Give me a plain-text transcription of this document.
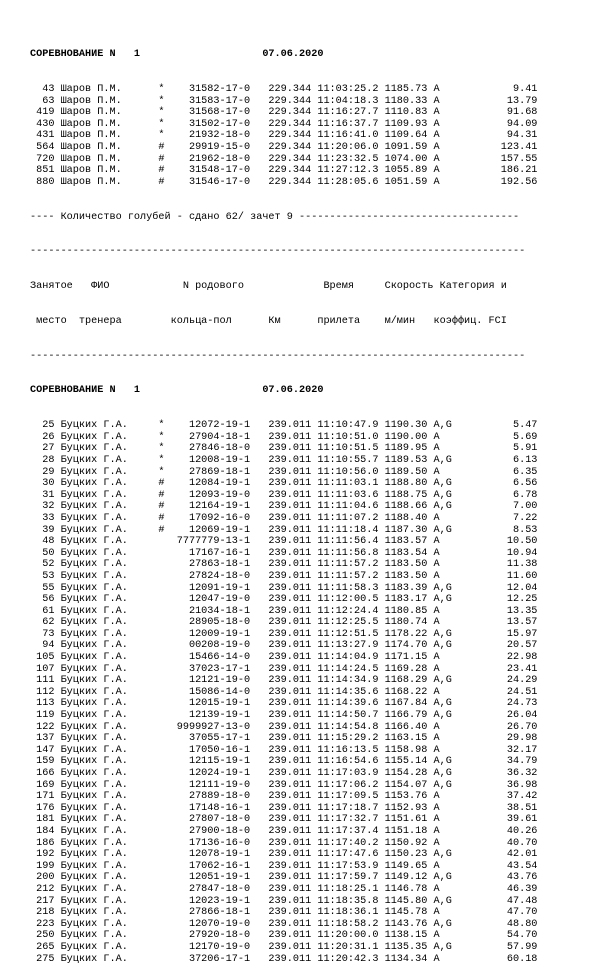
СОРЕВНОВАНИЕ N   1                    07.06.2020

43 Шаров П.М.      *    31582-17-0   229.344 11:03:25.2 1185.73 A            9.41
63 Шаров П.М.      *    31583-17-0   229.344 11:04:18.3 1180.33 A           13.79
419 Шаров П.М.      *    31568-17-0   229.344 11:16:27.7 1110.83 A           91.68
430 Шаров П.М.      *    31502-17-0   229.344 11:16:37.7 1109.93 A           94.09
431 Шаров П.М.      *    21932-18-0   229.344 11:16:41.0 1109.64 A           94.31
564 Шаров П.М.      #    29919-15-0   229.344 11:20:06.0 1091.59 A          123.41
720 Шаров П.М.      #    21962-18-0   229.344 11:23:32.5 1074.00 A          157.55
851 Шаров П.М.      #    31548-17-0   229.344 11:27:12.3 1055.89 A          186.21
880 Шаров П.М.      #    31546-17-0   229.344 11:28:05.6 1051.59 A          192.56

---- Количество голубей - сдано 62/ зачет 9 ------------------------------------

---------------------------------------------------------------------------------

Занятое   ФИО            N родового             Время     Скорость Категория и

место  тренера        кольца-пол      Км      прилета    м/мин   коэффиц. FCI

---------------------------------------------------------------------------------

СОРЕВНОВАНИЕ N   1                    07.06.2020

25 Буцких Г.А.     *    12072-19-1   239.011 11:10:47.9 1190.30 A,G          5.47
26 Буцких Г.А.     *    27904-18-1   239.011 11:10:51.0 1190.00 A            5.69
27 Буцких Г.А.     *    27846-18-0   239.011 11:10:51.5 1189.95 A            5.91
28 Буцких Г.А.     *    12008-19-1   239.011 11:10:55.7 1189.53 A,G          6.13
29 Буцких Г.А.     *    27869-18-1   239.011 11:10:56.0 1189.50 A            6.35
30 Буцких Г.А.     #    12084-19-1   239.011 11:11:03.1 1188.80 A,G          6.56
31 Буцких Г.А.     #    12093-19-0   239.011 11:11:03.6 1188.75 A,G          6.78
32 Буцких Г.А.     #    12164-19-1   239.011 11:11:04.6 1188.66 A,G          7.00
33 Буцких Г.А.     #    17092-16-0   239.011 11:11:07.2 1188.40 A            7.22
39 Буцких Г.А.     #    12069-19-1   239.011 11:11:18.4 1187.30 A,G          8.53
48 Буцких Г.А.        7777779-13-1   239.011 11:11:56.4 1183.57 A           10.50
50 Буцких Г.А.          17167-16-1   239.011 11:11:56.8 1183.54 A           10.94
52 Буцких Г.А.          27863-18-1   239.011 11:11:57.2 1183.50 A           11.38
53 Буцких Г.А.          27824-18-0   239.011 11:11:57.2 1183.50 A           11.60
55 Буцких Г.А.          12091-19-1   239.011 11:11:58.3 1183.39 A,G         12.04
56 Буцких Г.А.          12047-19-0   239.011 11:12:00.5 1183.17 A,G         12.25
61 Буцких Г.А.          21034-18-1   239.011 11:12:24.4 1180.85 A           13.35
62 Буцких Г.А.          28905-18-0   239.011 11:12:25.5 1180.74 A           13.57
73 Буцких Г.А.          12009-19-1   239.011 11:12:51.5 1178.22 A,G         15.97
94 Буцких Г.А.          00208-19-0   239.011 11:13:27.9 1174.70 A,G         20.57
105 Буцких Г.А.          15466-14-0   239.011 11:14:04.9 1171.15 A           22.98
107 Буцких Г.А.          37023-17-1   239.011 11:14:24.5 1169.28 A           23.41
111 Буцких Г.А.          12121-19-0   239.011 11:14:34.9 1168.29 A,G         24.29
112 Буцких Г.А.          15086-14-0   239.011 11:14:35.6 1168.22 A           24.51
113 Буцких Г.А.          12015-19-1   239.011 11:14:39.6 1167.84 A,G         24.73
119 Буцких Г.А.          12139-19-1   239.011 11:14:50.7 1166.79 A,G         26.04
122 Буцких Г.А.        9999927-13-0   239.011 11:14:54.8 1166.40 A           26.70
137 Буцких Г.А.          37055-17-1   239.011 11:15:29.2 1163.15 A           29.98
147 Буцких Г.А.          17050-16-1   239.011 11:16:13.5 1158.98 A           32.17
159 Буцких Г.А.          12115-19-1   239.011 11:16:54.6 1155.14 A,G         34.79
166 Буцких Г.А.          12024-19-1   239.011 11:17:03.9 1154.28 A,G         36.32
169 Буцких Г.А.          12111-19-0   239.011 11:17:06.2 1154.07 A,G         36.98
171 Буцких Г.А.          27889-18-0   239.011 11:17:09.5 1153.76 A           37.42
176 Буцких Г.А.          17148-16-1   239.011 11:17:18.7 1152.93 A           38.51
181 Буцких Г.А.          27807-18-0   239.011 11:17:32.7 1151.61 A           39.61
184 Буцких Г.А.          27900-18-0   239.011 11:17:37.4 1151.18 A           40.26
186 Буцких Г.А.          17136-16-0   239.011 11:17:40.2 1150.92 A           40.70
192 Буцких Г.А.          12078-19-1   239.011 11:17:47.6 1150.23 A,G         42.01
199 Буцких Г.А.          17062-16-1   239.011 11:17:53.9 1149.65 A           43.54
200 Буцких Г.А.          12051-19-1   239.011 11:17:59.7 1149.12 A,G         43.76
212 Буцких Г.А.          27847-18-0   239.011 11:18:25.1 1146.78 A           46.39
217 Буцких Г.А.          12023-19-1   239.011 11:18:35.8 1145.80 A,G         47.48
218 Буцких Г.А.          27866-18-1   239.011 11:18:36.1 1145.78 A           47.70
223 Буцких Г.А.          12070-19-0   239.011 11:18:58.2 1143.76 A,G         48.80
250 Буцких Г.А.          27920-18-0   239.011 11:20:00.0 1138.15 A           54.70
265 Буцких Г.А.          12170-19-0   239.011 11:20:31.1 1135.35 A,G         57.99
275 Буцких Г.А.          37206-17-1   239.011 11:20:42.3 1134.34 A           60.18
